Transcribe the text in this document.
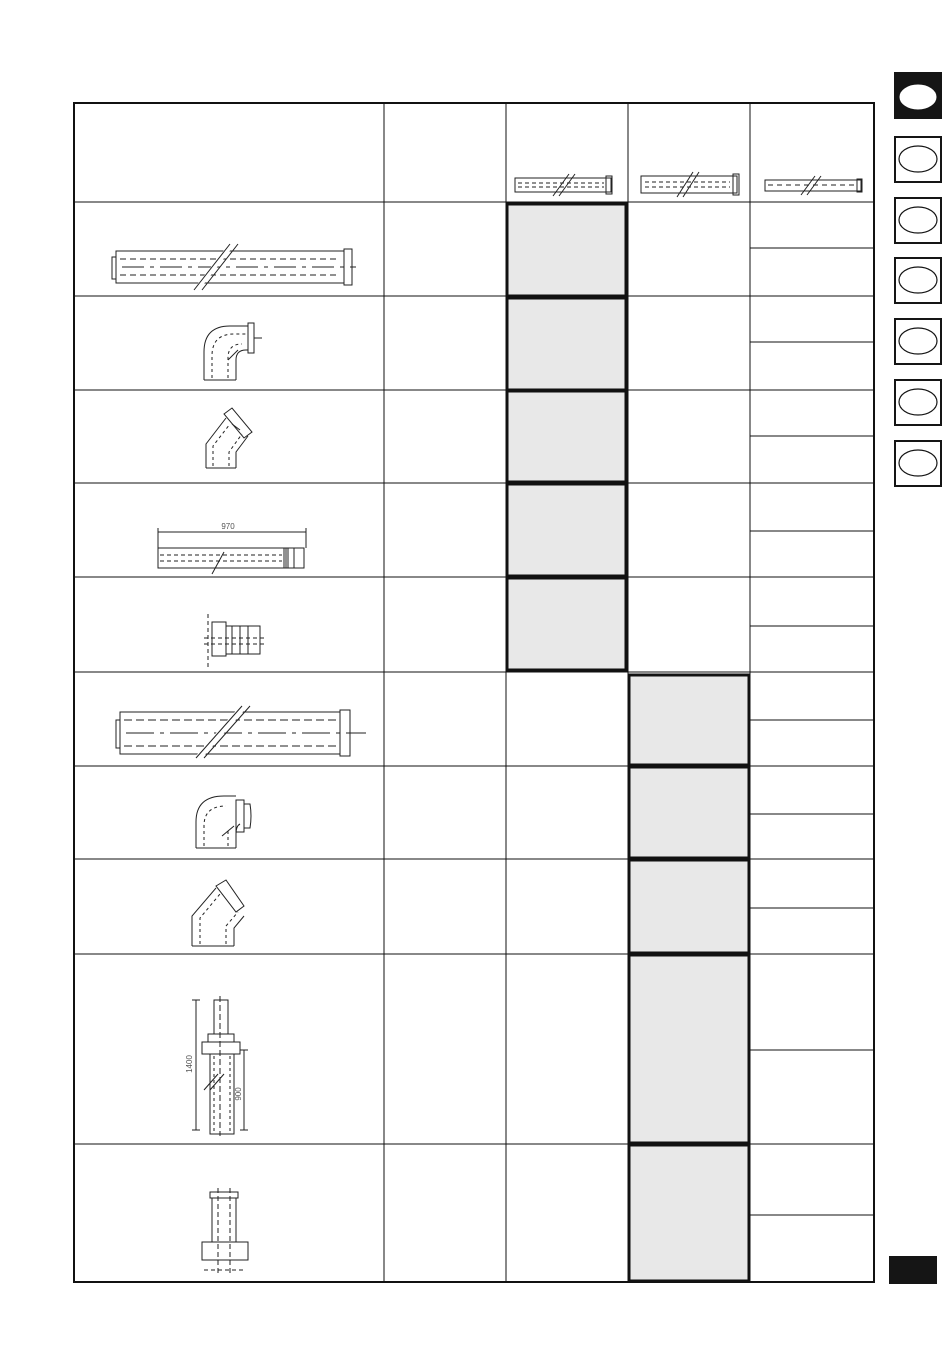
970
1400
900
